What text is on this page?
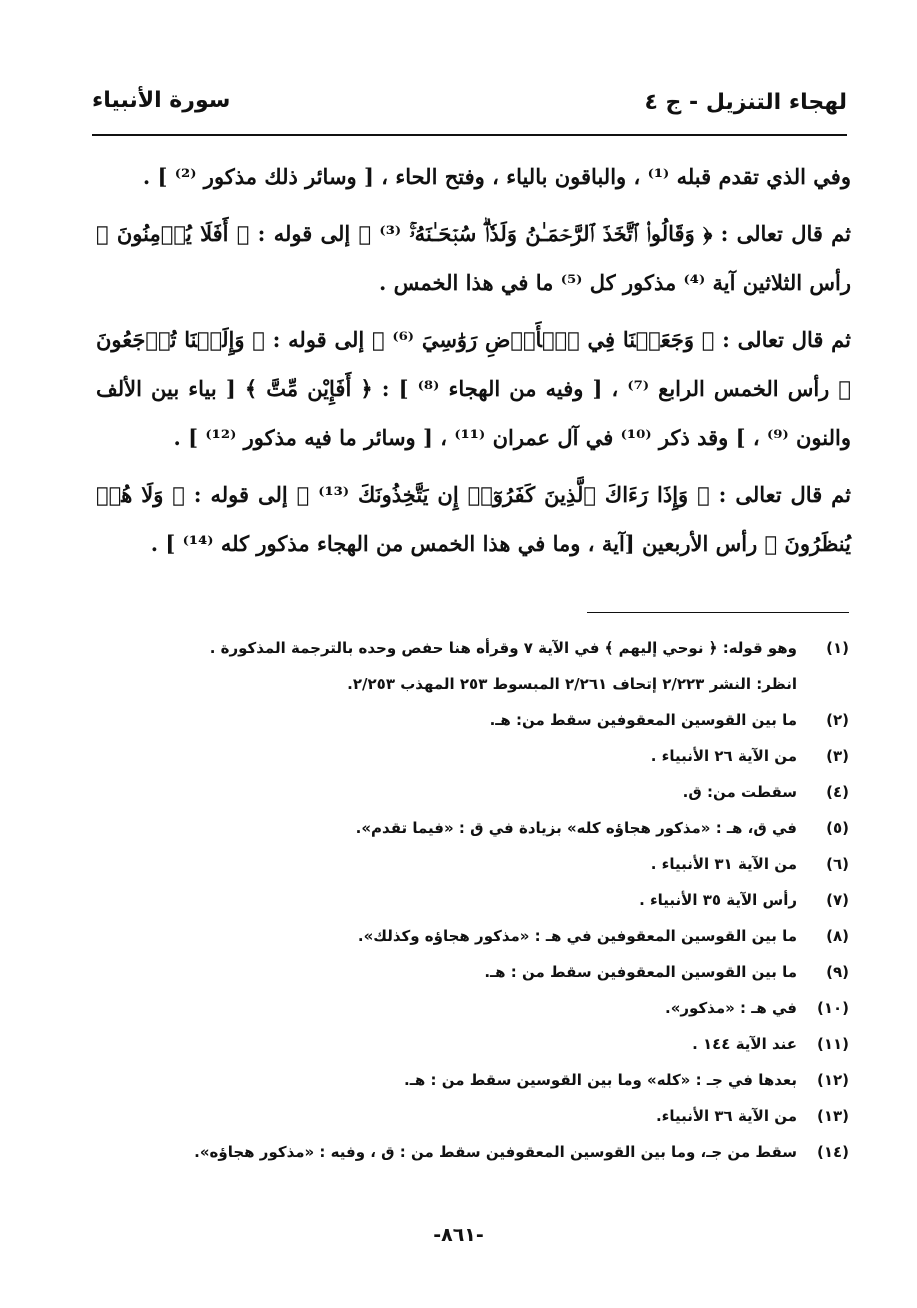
لهجاء التنزيل - ج ٤
سورة الأنبياء

وفي الذي تقدم قبله ⁽¹⁾ ، والباقون بالياء ، وفتح الحاء ، [ وسائر ذلك مذكور ⁽²⁾ ] .

ثم قال تعالى : ﴿ وَقَالُوا۟ ٱتَّخَذَ ٱلرَّحۡمَـٰنُ وَلَدٗاۗ سُبۡحَـٰنَهُۥۚ ⁽³⁾ ﴾ إلى قوله : ﴿ أَفَلَا يُؤۡمِنُونَ ﴾ رأس الثلاثين آية ⁽⁴⁾ مذكور كل ⁽⁵⁾ ما في هذا الخمس .

ثم قال تعالى : ﴿ وَجَعَلۡنَا فِي ٱلۡأَرۡضِ رَوَٰسِيَ ⁽⁶⁾ ﴾ إلى قوله : ﴿ وَإِلَيۡنَا تُرۡجَعُونَ ﴾ رأس الخمس الرابع ⁽⁷⁾ ، [ وفيه من الهجاء ⁽⁸⁾ ] : ﴿ أَفَإِيْن مِّتَّ ﴾ [ بياء بين الألف والنون ⁽⁹⁾ ، ] وقد ذكر ⁽¹⁰⁾ في آل عمران ⁽¹¹⁾ ، [ وسائر ما فيه مذكور ⁽¹²⁾ ] .

ثم قال تعالى : ﴿ وَإِذَا رَءَاكَ ٱلَّذِينَ كَفَرُوٓا۟ إِن يَتَّخِذُونَكَ ⁽¹³⁾ ﴾ إلى قوله : ﴿ وَلَا هُمۡ يُنظَرُونَ ﴾ رأس الأربعين [آية ، وما في هذا الخمس من الهجاء مذكور كله ⁽¹⁴⁾ ] .

(١)
وهو قوله: ﴿ نوحي إليهم ﴾ في الآية ٧ وقرأه هنا حفص وحده بالترجمة المذكورة .
انظر: النشر ٢/٢٢٣ إتحاف ٢/٢٦١ المبسوط ٢٥٣ المهذب ٢/٢٥٣.
(٢)
ما بين القوسين المعقوفين سقط من: هـ.
(٣)
من الآية ٢٦ الأنبياء .
(٤)
سقطت من: ق.
(٥)
في ق، هـ : «مذكور هجاؤه كله» بزيادة في ق : «فيما تقدم».
(٦)
من الآية ٣١ الأنبياء .
(٧)
رأس الآية ٣٥ الأنبياء .
(٨)
ما بين القوسين المعقوفين في هـ : «مذكور هجاؤه وكذلك».
(٩)
ما بين القوسين المعقوفين سقط من : هـ.
(١٠)
في هـ : «مذكور».
(١١)
عند الآية ١٤٤ .
(١٢)
بعدها في جـ : «كله» وما بين القوسين سقط من : هـ.
(١٣)
من الآية ٣٦ الأنبياء.
(١٤)
سقط من جـ، وما بين القوسين المعقوفين سقط من : ق ، وفيه : «مذكور هجاؤه».
-٨٦١-
